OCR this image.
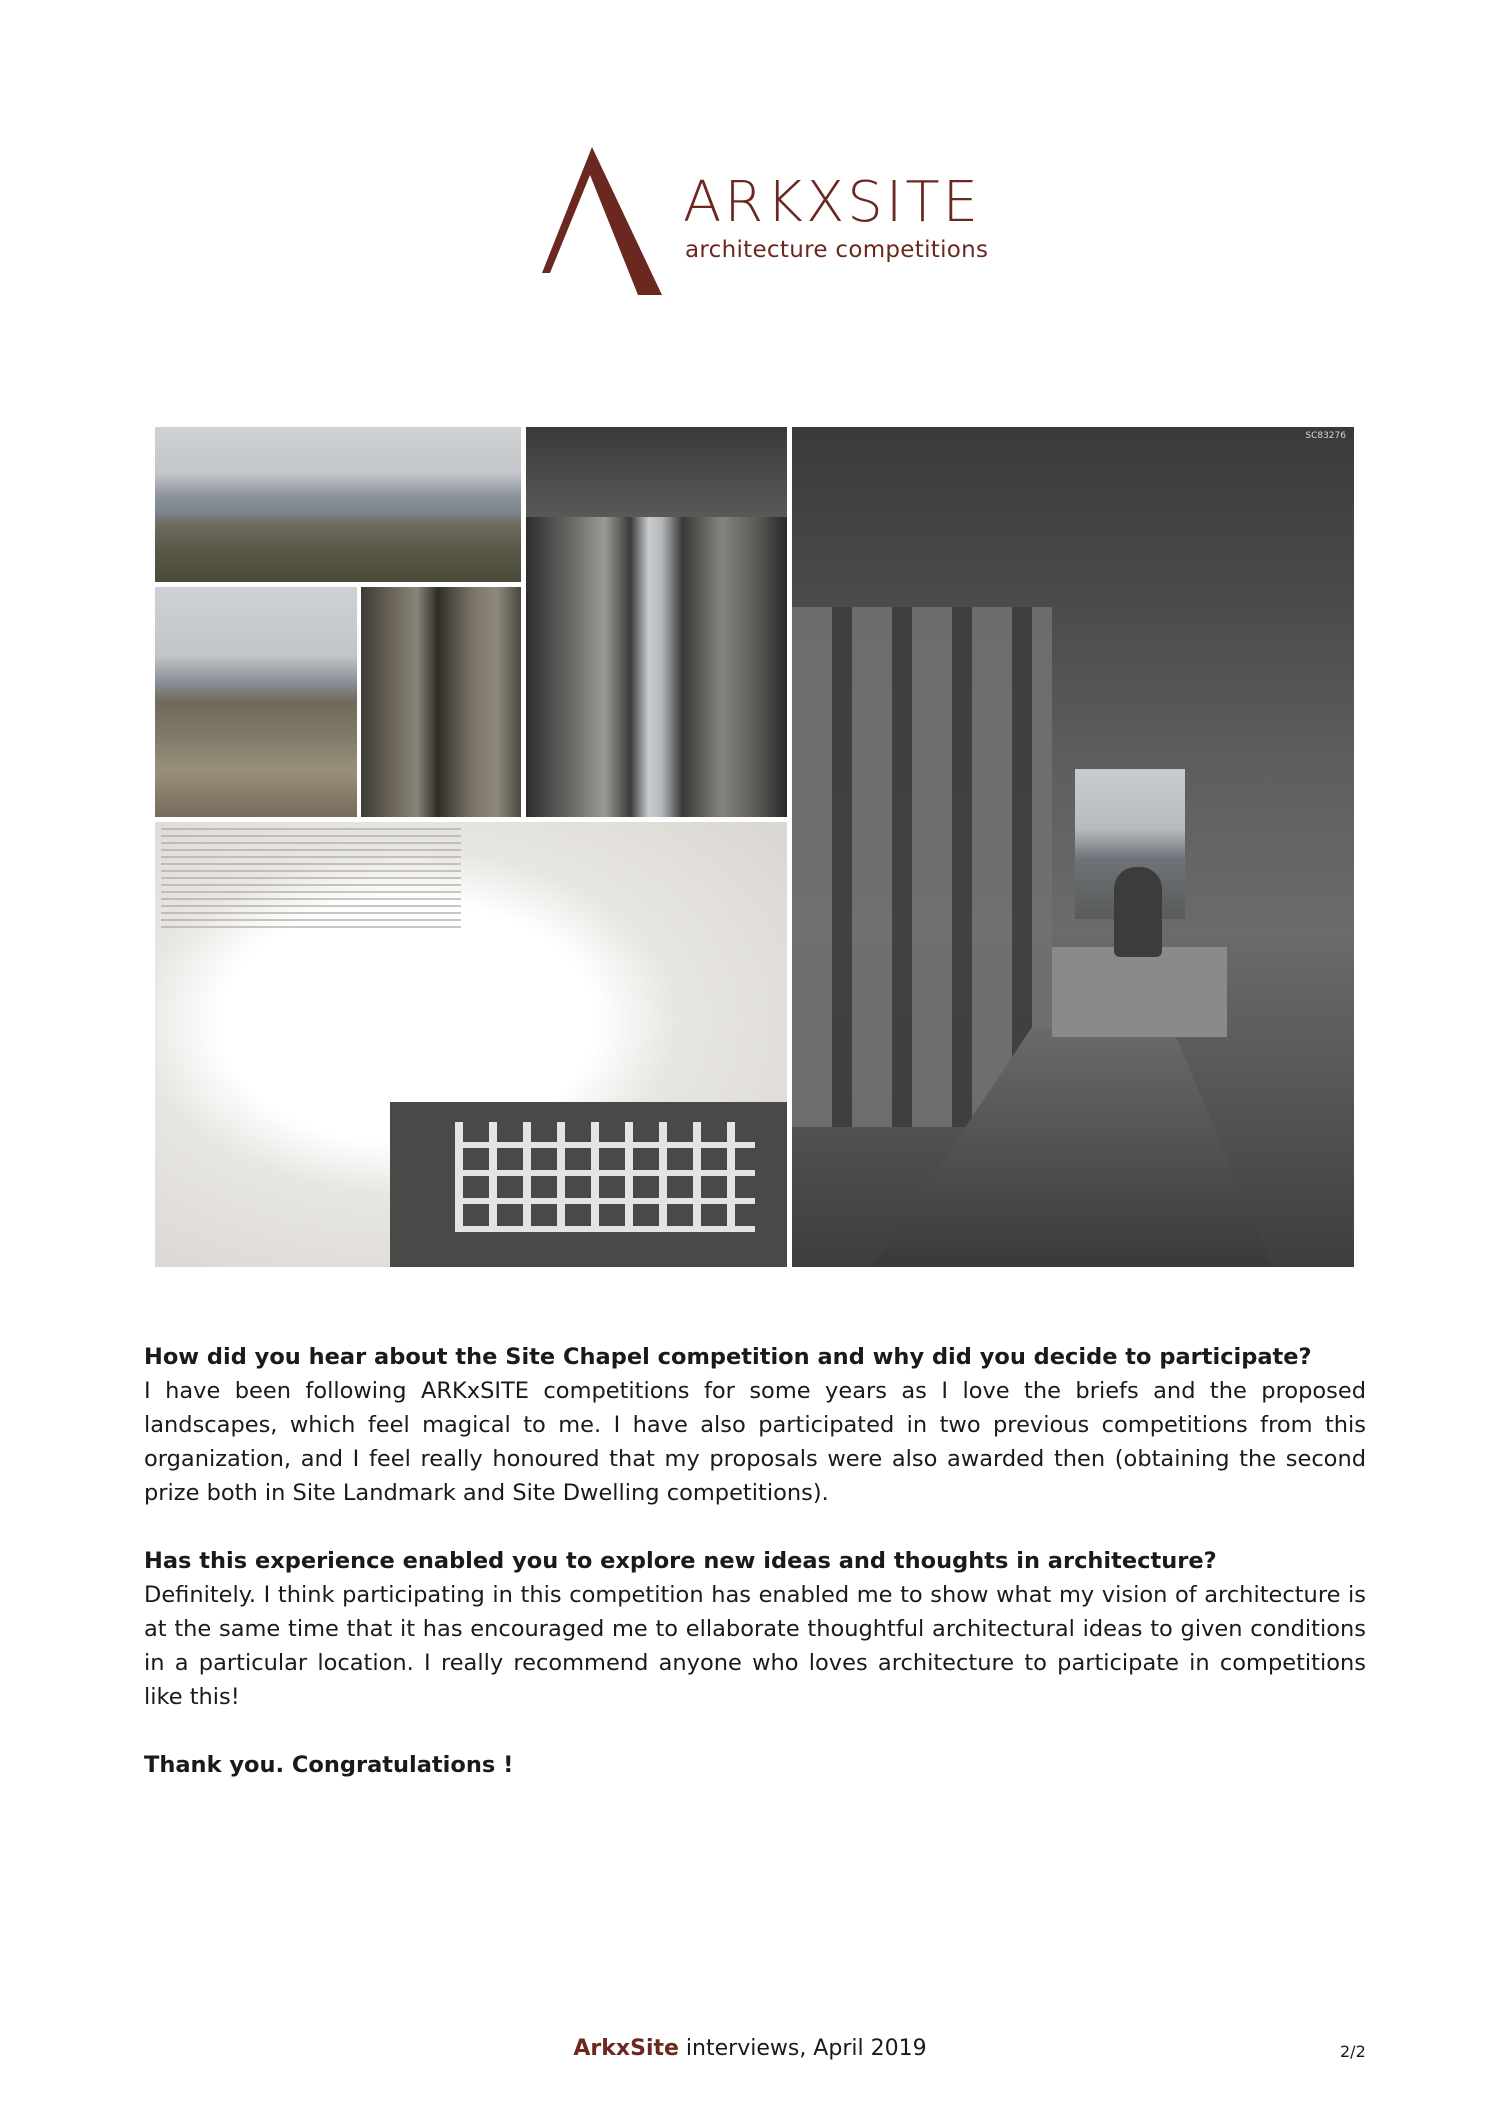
ARKXSITE
architecture competitions
SC83276

How did you hear about the Site Chapel competition and why did you decide to participate?

I have been following ARKxSITE competitions for some years as I love the briefs and the proposed landscapes, which feel magical to me. I have also participated in two previous competitions from this organization, and I feel really honoured that my proposals were also awarded then (obtaining the second prize both in Site Landmark and Site Dwelling competitions).

Has this experience enabled you to explore new ideas and thoughts in architecture?

Definitely. I think participating in this competition has enabled me to show what my vision of architecture is at the same time that it has encouraged me to ellaborate thoughtful architectural ideas to given conditions in a particular location. I really recommend anyone who loves architecture to participate in competitions like this!

Thank you. Congratulations !

ArkxSite interviews, April 2019	2/2
